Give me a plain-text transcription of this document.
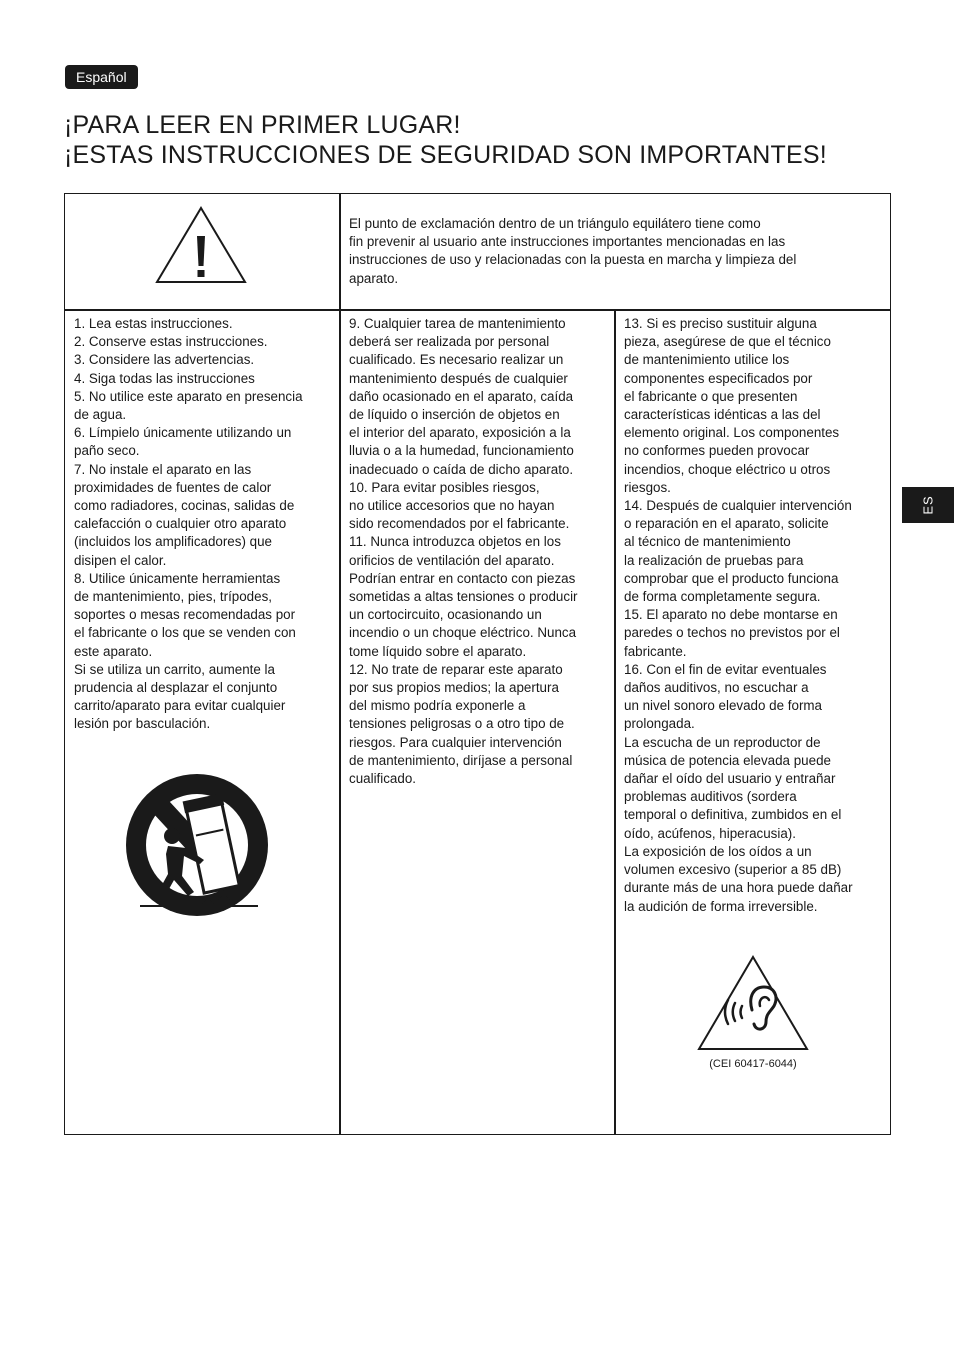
Español
¡PARA LEER EN PRIMER LUGAR!
¡ESTAS INSTRUCCIONES DE SEGURIDAD SON IMPORTANTES!
ES

El punto de exclamación dentro de un triángulo equilátero tiene como
fin prevenir al usuario ante instrucciones importantes mencionadas en las
instrucciones de uso y relacionadas con la puesta en marcha y limpieza del
aparato.

1. Lea estas instrucciones.
2. Conserve estas instrucciones.
3. Considere las advertencias.
4. Siga todas las instrucciones
5. No utilice este aparato en presencia
de agua.
6. Límpielo únicamente utilizando un
paño seco.
7. No instale el aparato en las
proximidades de fuentes de calor
como radiadores, cocinas, salidas de
calefacción o cualquier otro aparato
(incluidos los amplificadores) que
disipen el calor.
8. Utilice únicamente herramientas
de mantenimiento, pies, trípodes,
soportes o mesas recomendadas por
el fabricante o los que se venden con
este aparato.
Si se utiliza un carrito, aumente la
prudencia al desplazar el conjunto
carrito/aparato para evitar cualquier
lesión por basculación.

9. Cualquier tarea de mantenimiento
deberá ser realizada por personal
cualificado. Es necesario realizar un
mantenimiento después de cualquier
daño ocasionado en el aparato, caída
de líquido o inserción de objetos en
el interior del aparato, exposición a la
lluvia o a la humedad, funcionamiento
inadecuado o caída de dicho aparato.
10. Para evitar posibles riesgos,
no utilice accesorios que no hayan
sido recomendados por el fabricante.
11. Nunca introduzca objetos en los
orificios de ventilación del aparato.
Podrían entrar en contacto con piezas
sometidas a altas tensiones o producir
un cortocircuito, ocasionando un
incendio o un choque eléctrico. Nunca
tome líquido sobre el aparato.
12. No trate de reparar este aparato
por sus propios medios; la apertura
del mismo podría exponerle a
tensiones peligrosas o a otro tipo de
riesgos. Para cualquier intervención
de mantenimiento, diríjase a personal
cualificado.

13. Si es preciso sustituir alguna
pieza, asegúrese de que el técnico
de mantenimiento utilice los
componentes especificados por
el fabricante o que presenten
características idénticas a las del
elemento original. Los componentes
no conformes pueden provocar
incendios, choque eléctrico u otros
riesgos.
14. Después de cualquier intervención
o reparación en el aparato, solicite
al técnico de mantenimiento
la realización de pruebas para
comprobar que el producto funciona
de forma completamente segura.
15. El aparato no debe montarse en
paredes o techos no previstos por el
fabricante.
16. Con el fin de evitar eventuales
daños auditivos, no escuchar a
un nivel sonoro elevado de forma
prolongada.
La escucha de un reproductor de
música de potencia elevada puede
dañar el oído del usuario y entrañar
problemas auditivos (sordera
temporal o definitiva, zumbidos en el
oído, acúfenos, hiperacusia).
La exposición de los oídos a un
volumen excesivo (superior a 85 dB)
durante más de una hora puede dañar
la audición de forma irreversible.

(CEI 60417-6044)
